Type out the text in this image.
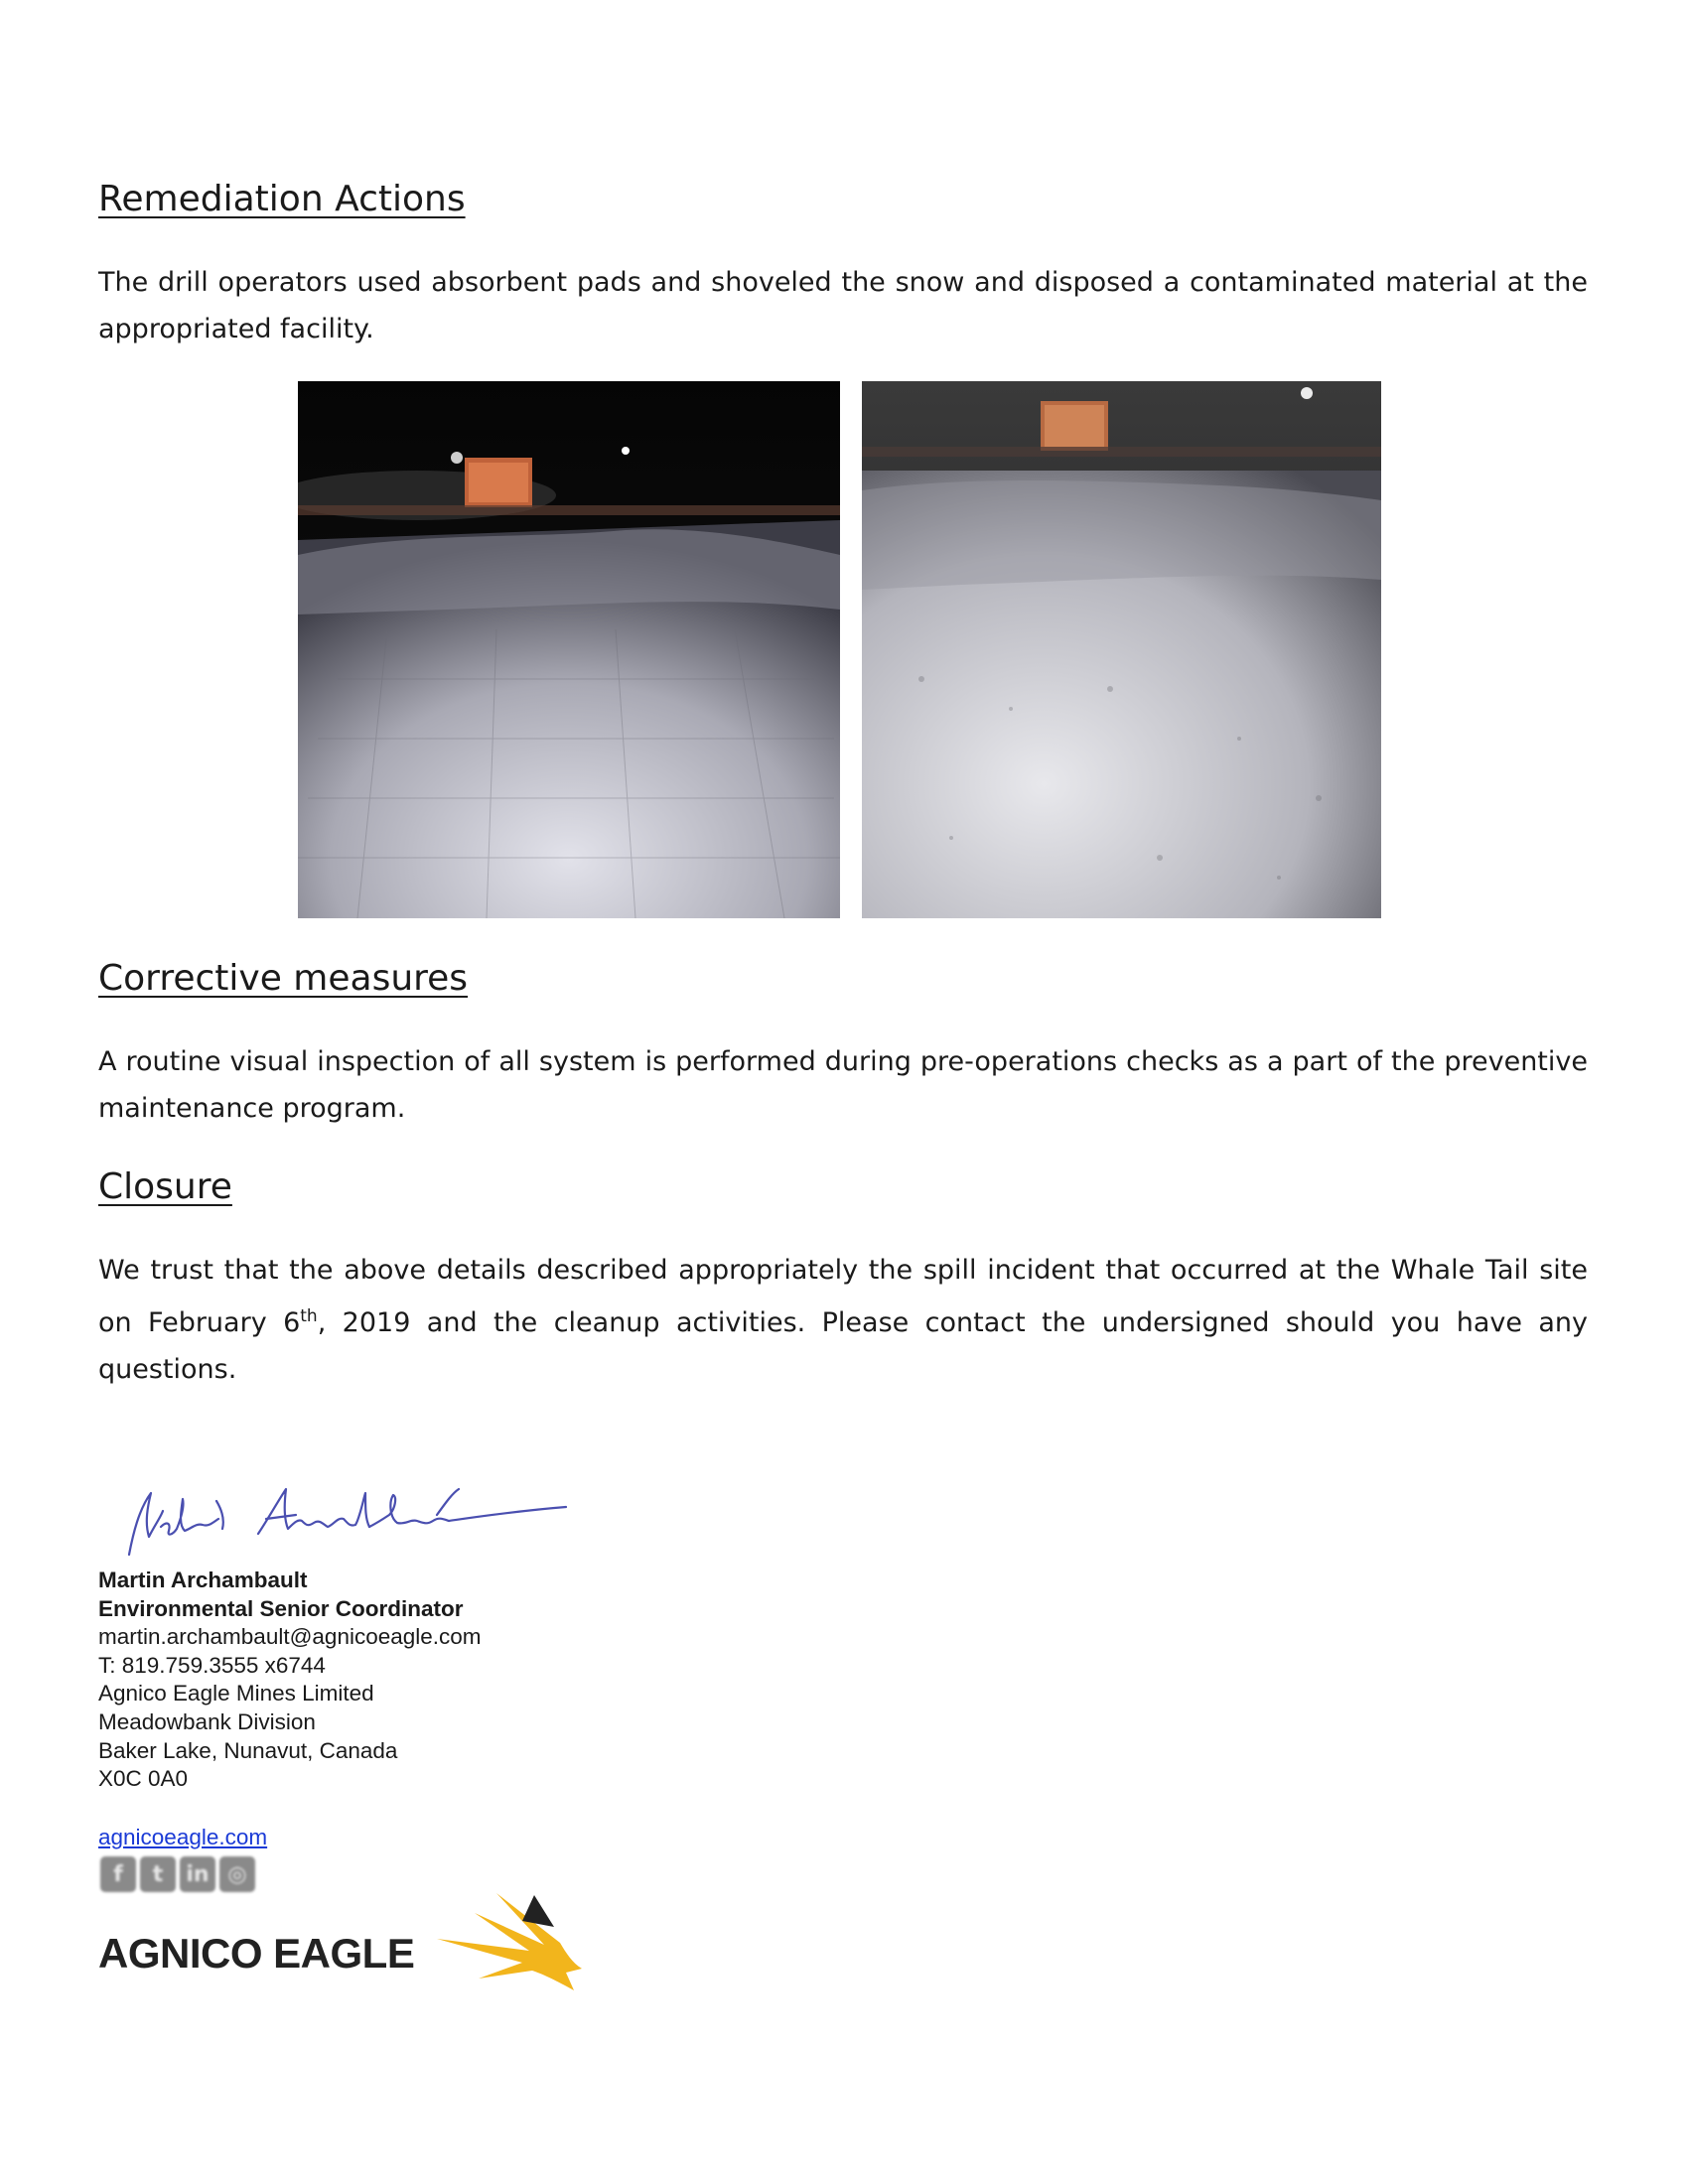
Remediation Actions

The drill operators used absorbent pads and shoveled the snow and disposed a contaminated material at the appropriated facility.

Corrective measures

A routine visual inspection of all system is performed during pre-operations checks as a part of the preventive maintenance program.

Closure

We trust that the above details described appropriately the spill incident that occurred at the Whale Tail site on February 6th, 2019 and the cleanup activities. Please contact the undersigned should you have any questions.

Martin Archambault
Environmental Senior Coordinator
martin.archambault@agnicoeagle.com
T: 819.759.3555 x6744
Agnico Eagle Mines Limited
Meadowbank Division
Baker Lake, Nunavut, Canada
X0C 0A0
agnicoeagle.com
f	t	in ◎
AGNICO EAGLE
